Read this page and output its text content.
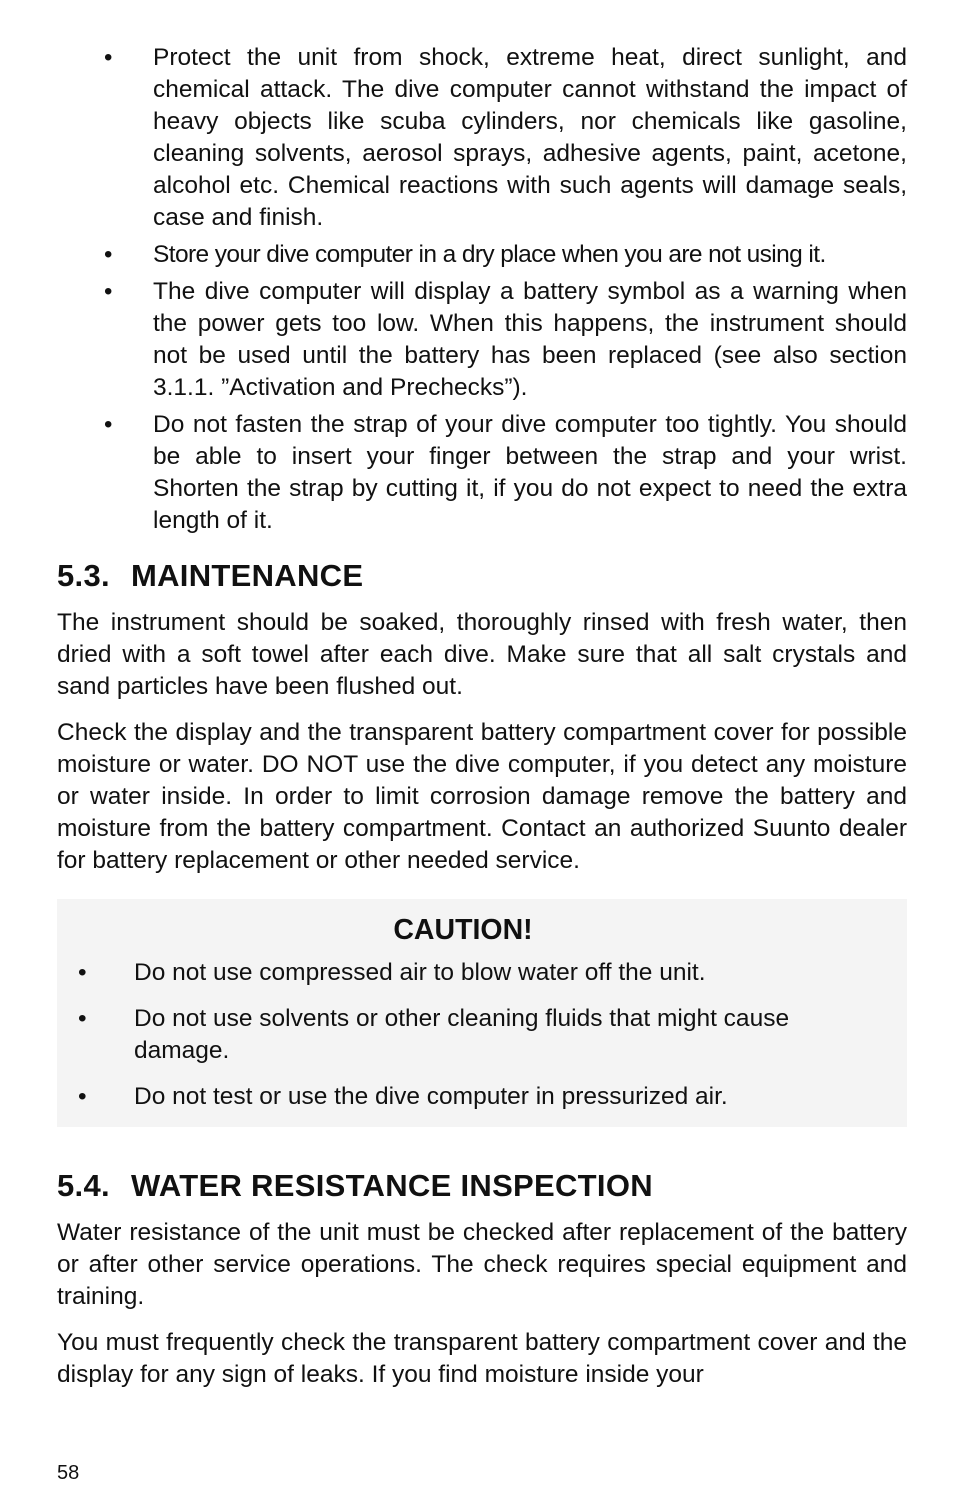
• Protect the unit from shock, extreme heat, direct sunlight, and chemical attack. The dive computer cannot withstand the impact of heavy objects like scuba cylinders, nor chemicals like gasoline, cleaning solvents, aerosol sprays, adhesive agents, paint, acetone, alcohol etc. Chemical reactions with such agents will damage seals, case and finish.
• Store your dive computer in a dry place when you are not using it.
• The dive computer will display a battery symbol as a warning when the power gets too low. When this happens, the instrument should not be used until the battery has been replaced (see also section 3.1.1. ”Activation and Prechecks”).
• Do not fasten the strap of your dive computer too tightly. You should be able to insert your finger between the strap and your wrist. Shorten the strap by cutting it, if you do not expect to need the extra length of it.
5.3. MAINTENANCE

The instrument should be soaked, thoroughly rinsed with fresh water, then dried with a soft towel after each dive. Make sure that all salt crystals and sand particles have been flushed out.

Check the display and the transparent battery compartment cover for possible moisture or water. DO NOT use the dive computer, if you detect any moisture or water inside. In order to limit corrosion damage remove the battery and moisture from the battery compartment. Contact an authorized Suunto dealer for battery replacement or other needed service.

CAUTION!
• Do not use compressed air to blow water off the unit.
• Do not use solvents or other cleaning fluids that might cause damage.
• Do not test or use the dive computer in pressurized air.
5.4. WATER RESISTANCE INSPECTION

Water resistance of the unit must be checked after replacement of the battery or after other service operations. The check requires special equipment and training.

You must frequently check the transparent battery compartment cover and the display for any sign of leaks. If you find moisture inside your

58
